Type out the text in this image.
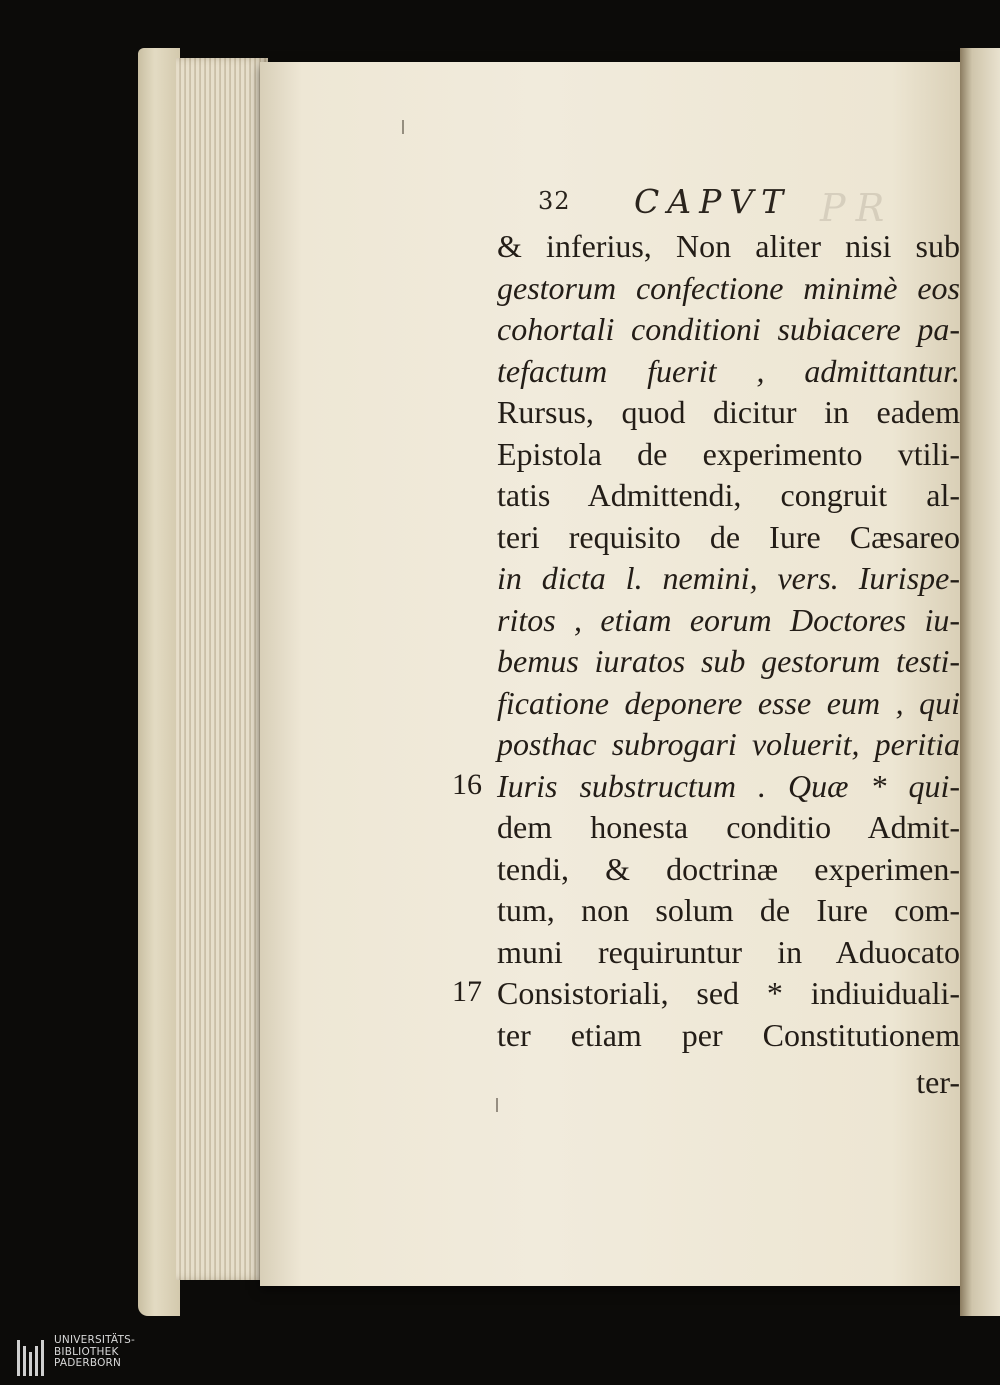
PR
32 CAPVT
& inferius, Non aliter nisi sub
gestorum confectione minimè eos
cohortali conditioni subiacere pa-
tefactum fuerit , admittantur.
Rursus, quod dicitur in eadem
Epistola de experimento vtili-
tatis Admittendi, congruit al-
teri requisito de Iure Cæsareo
in dicta l. nemini, vers. Iurispe-
ritos , etiam eorum Doctores iu-
bemus iuratos sub gestorum testi-
ficatione deponere esse eum , qui
posthac subrogari voluerit, peritia
Iuris substructum . Quæ * qui-
dem honesta conditio Admit-
tendi, & doctrinæ experimen-
tum, non solum de Iure com-
muni requiruntur in Aduocato
Consistoriali, sed * indiuiduali-
ter etiam per Constitutionem
ter-
16
17
UNIVERSITÄTS-
BIBLIOTHEK
PADERBORN
